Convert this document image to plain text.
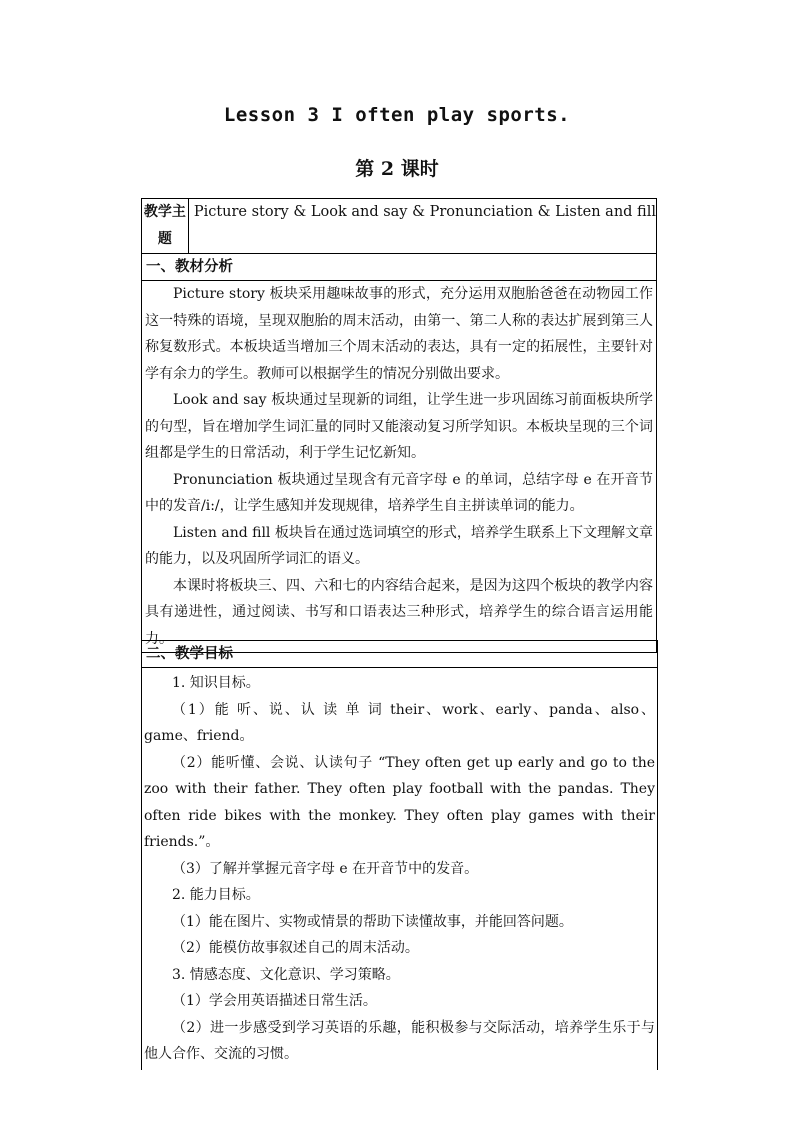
Lesson 3 I often play sports.
第 2 课时
教学主题	Picture story & Look and say & Pronunciation & Listen and fill
一、教材分析

Picture story 板块采用趣味故事的形式，充分运用双胞胎爸爸在动物园工作这一特殊的语境，呈现双胞胎的周末活动，由第一、第二人称的表达扩展到第三人称复数形式。本板块适当增加三个周末活动的表达，具有一定的拓展性，主要针对学有余力的学生。教师可以根据学生的情况分别做出要求。

Look and say 板块通过呈现新的词组，让学生进一步巩固练习前面板块所学的句型，旨在增加学生词汇量的同时又能滚动复习所学知识。本板块呈现的三个词组都是学生的日常活动，利于学生记忆新知。

Pronunciation 板块通过呈现含有元音字母 e 的单词，总结字母 e 在开音节中的发音/i:/，让学生感知并发现规律，培养学生自主拼读单词的能力。

Listen and fill 板块旨在通过选词填空的形式，培养学生联系上下文理解文章的能力，以及巩固所学词汇的语义。

本课时将板块三、四、六和七的内容结合起来，是因为这四个板块的教学内容具有递进性，通过阅读、书写和口语表达三种形式，培养学生的综合语言运用能力。

二、教学目标

1. 知识目标。

（1）能 听、说、认 读 单 词 their、work、early、panda、also、game、friend。

（2）能听懂、会说、认读句子 “They often get up early and go to the zoo with their father. They often play football with the pandas. They often ride bikes with the monkey. They often play games with their friends.”。

（3）了解并掌握元音字母 e 在开音节中的发音。

2. 能力目标。

（1）能在图片、实物或情景的帮助下读懂故事，并能回答问题。

（2）能模仿故事叙述自己的周末活动。

3. 情感态度、文化意识、学习策略。

（1）学会用英语描述日常生活。

（2）进一步感受到学习英语的乐趣，能积极参与交际活动，培养学生乐于与他人合作、交流的习惯。
